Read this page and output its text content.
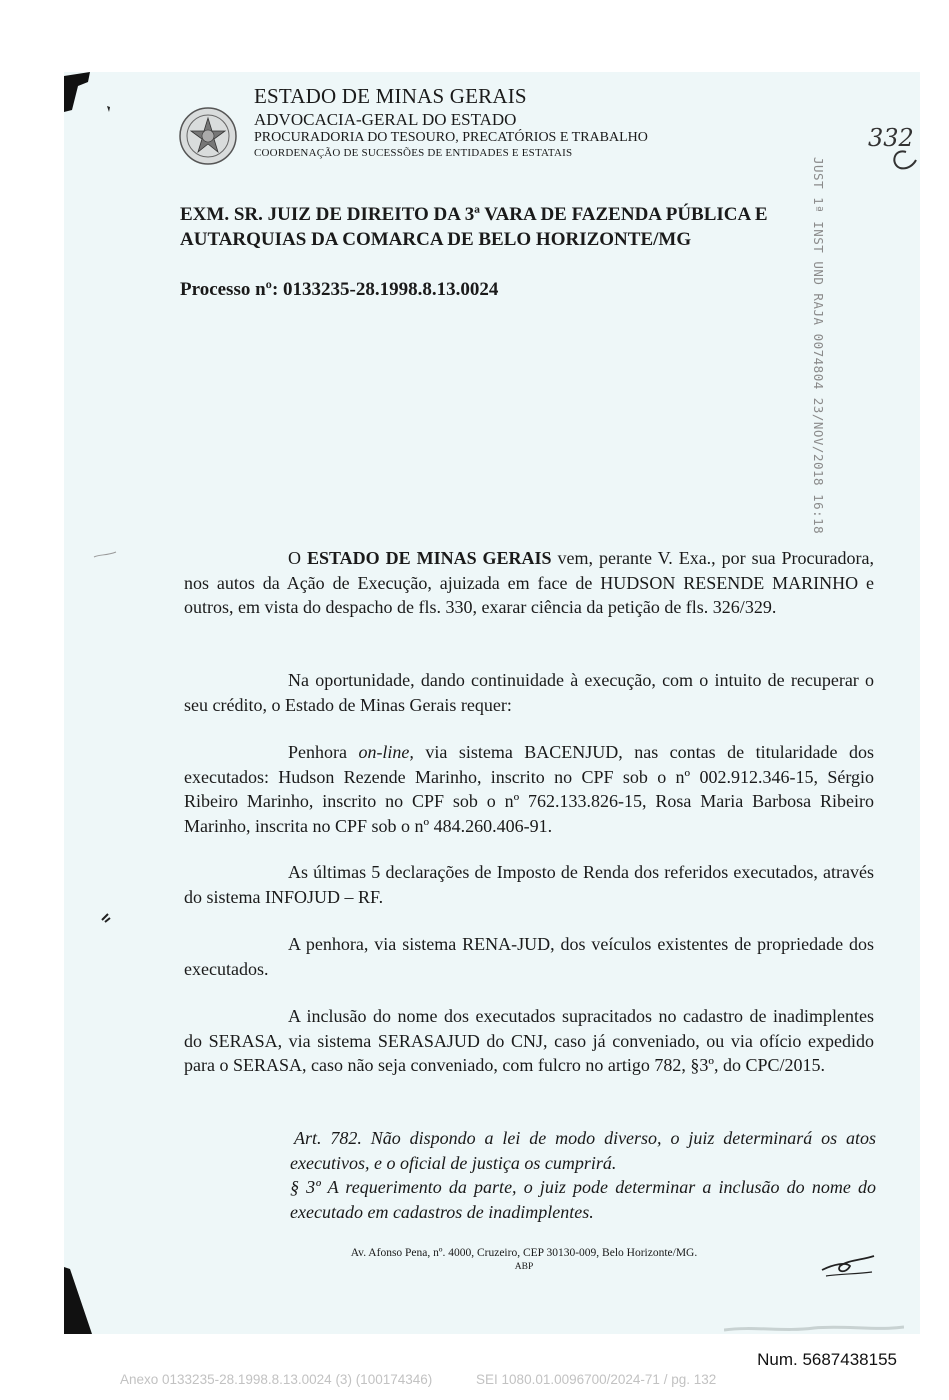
ESTADO DE MINAS GERAIS
ADVOCACIA-GERAL DO ESTADO
PROCURADORIA DO TESOURO, PRECATÓRIOS E TRABALHO
COORDENAÇÃO DE SUCESSÕES DE ENTIDADES E ESTATAIS
332
JUST 1ª INST UND RAJA 0074804 23/NOV/2018 16:18
EXM. SR. JUIZ DE DIREITO DA 3ª VARA DE FAZENDA PÚBLICA E
AUTARQUIAS DA COMARCA DE BELO HORIZONTE/MG
Processo nº: 0133235-28.1998.8.13.0024

O ESTADO DE MINAS GERAIS vem, perante V. Exa., por sua Procuradora, nos autos da Ação de Execução, ajuizada em face de HUDSON RESENDE MARINHO e outros, em vista do despacho de fls. 330, exarar ciência da petição de fls. 326/329.

Na oportunidade, dando continuidade à execução, com o intuito de recuperar o seu crédito, o Estado de Minas Gerais requer:

Penhora on-line, via sistema BACENJUD, nas contas de titularidade dos executados: Hudson Rezende Marinho, inscrito no CPF sob o nº 002.912.346-15, Sérgio Ribeiro Marinho, inscrito no CPF sob o nº 762.133.826-15, Rosa Maria Barbosa Ribeiro Marinho, inscrita no CPF sob o nº 484.260.406-91.

As últimas 5 declarações de Imposto de Renda dos referidos executados, através do sistema INFOJUD – RF.

A penhora, via sistema RENA-JUD, dos veículos existentes de propriedade dos executados.

A inclusão do nome dos executados supracitados no cadastro de inadimplentes do SERASA, via sistema SERASAJUD do CNJ, caso já conveniado, ou via ofício expedido para o SERASA, caso não seja conveniado, com fulcro no artigo 782, §3º, do CPC/2015.

Art. 782. Não dispondo a lei de modo diverso, o juiz determinará os atos executivos, e o oficial de justiça os cumprirá.
§ 3º A requerimento da parte, o juiz pode determinar a inclusão do nome do executado em cadastros de inadimplentes.
Av. Afonso Pena, nº. 4000, Cruzeiro, CEP 30130-009, Belo Horizonte/MG.
ABP
Num. 5687438155
Anexo 0133235-28.1998.8.13.0024 (3) (100174346)	SEI 1080.01.0096700/2024-71 / pg. 132
